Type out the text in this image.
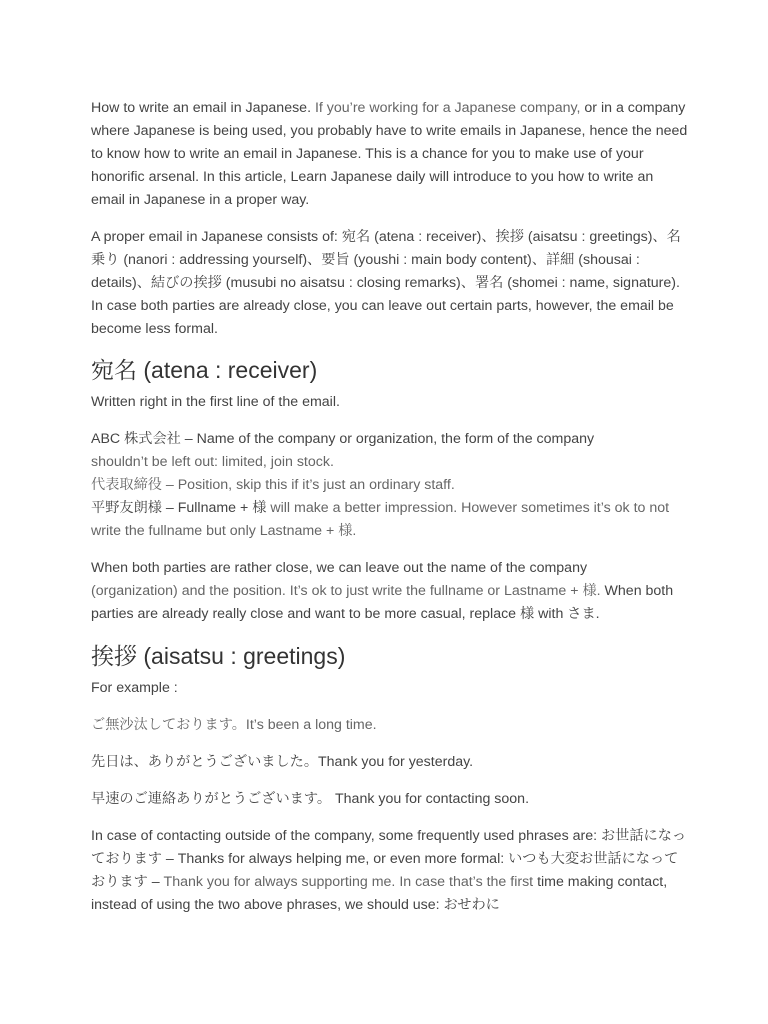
How to write an email in Japanese. If you’re working for a Japanese company, or in a company where Japanese is being used, you probably have to write emails in Japanese, hence the need to know how to write an email in Japanese. This is a chance for you to make use of your honorific arsenal. In this article, Learn Japanese daily will introduce to you how to write an email in Japanese in a proper way.

A proper email in Japanese consists of: 宛名 (atena : receiver)、挨拶 (aisatsu : greetings)、名乗り (nanori : addressing yourself)、要旨 (youshi : main body content)、詳細 (shousai : details)、結びの挨拶 (musubi no aisatsu : closing remarks)、署名 (shomei : name, signature). In case both parties are already close, you can leave out certain parts, however, the email be become less formal.

宛名 (atena : receiver)

Written right in the first line of the email.

ABC 株式会社 – Name of the company or organization, the form of the company
shouldn’t be left out: limited, join stock.

代表取締役 – Position, skip this if it’s just an ordinary staff.

平野友朗様 – Fullname + 様 will make a better impression. However sometimes it’s ok to not write the fullname but only Lastname + 様.

When both parties are rather close, we can leave out the name of the company
(organization) and the position. It’s ok to just write the fullname or Lastname + 様. When both parties are already really close and want to be more casual, replace 様 with さま.

挨拶 (aisatsu : greetings)

For example :

ご無沙汰しております。It’s been a long time.

先日は、ありがとうございました。Thank you for yesterday.

早速のご連絡ありがとうございます。 Thank you for contacting soon.

In case of contacting outside of the company, some frequently used phrases are: お世話になっております – Thanks for always helping me, or even more formal: いつも大変お世話になっております – Thank you for always supporting me. In case that’s the first time making contact, instead of using the two above phrases, we should use: おせわに
